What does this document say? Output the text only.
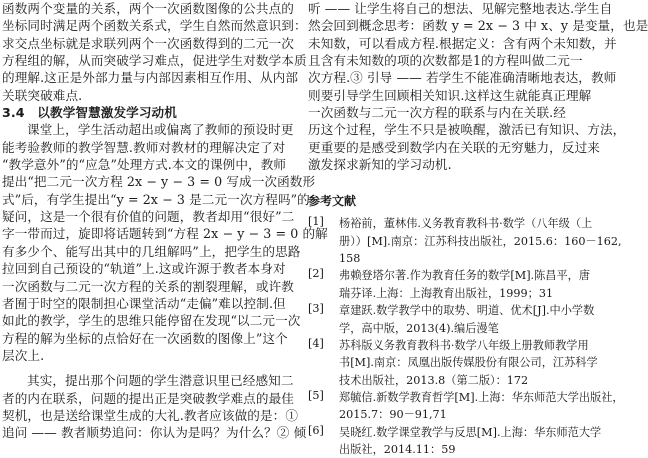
函数两个变量的关系，两个一次函数图像的公共点的
坐标同时满足两个函数关系式，学生自然而然意识到：
求交点坐标就是求联列两个一次函数得到的二元一次
方程组的解，从而突破学习难点，促进学生对数学本质
的理解.这正是外部力量与内部因素相互作用、从内部
关联突破难点.
3.4　以教学智慧激发学习动机
课堂上，学生活动超出或偏离了教师的预设时更
能考验教师的教学智慧.教师对教材的理解决定了对
“教学意外”的“应急”处理方式.本文的课例中，教师
提出“把二元一次方程 2x − y − 3 = 0 写成一次函数形
式”后，有学生提出“y = 2x − 3 是二元一次方程吗”的
疑问，这是一个很有价值的问题，教者却用“很好”二
字一带而过，旋即将话题转到“方程 2x − y − 3 = 0 的解
有多少个、能写出其中的几组解吗”上，把学生的思路
拉回到自己预设的“轨道”上.这或许源于教者本身对
一次函数与二元一次方程的关系的割裂理解，或许教
者囿于时空的限制担心课堂活动“走偏”难以控制.但
如此的教学，学生的思维只能停留在发现“以二元一次
方程的解为坐标的点恰好在一次函数的图像上”这个
层次上.
其实，提出那个问题的学生潜意识里已经感知二
者的内在联系，问题的提出正是突破教学难点的最佳
契机，也是送给课堂生成的大礼.教者应该做的是：①
追问 —— 教者顺势追问：你认为是吗？为什么？② 倾
听 —— 让学生将自己的想法、见解完整地表达.学生自
然会回到概念思考：函数 y = 2x − 3 中 x、y 是变量，也是
未知数，可以看成方程.根据定义：含有两个未知数，并
且含有未知数的项的次数都是1的方程叫做二元一
次方程.③ 引导 —— 若学生不能准确清晰地表达，教师
则要引导学生回顾相关知识.这样这生就能真正理解
一次函数与二元一次方程的联系与内在关联.经
历这个过程，学生不只是被唤醒，激活已有知识、方法，
更重要的是感受到数学内在关联的无穷魅力，反过来
激发探求新知的学习动机.
参考文献
[1]	杨裕前，董林伟.义务教育教科书·数学（八年级（上
册））[M].南京：江苏科技出版社，2015.6：160－162,
158
[2]	弗赖登塔尔著.作为教育任务的数学[M].陈昌平，唐
瑞芬译.上海：上海教育出版社，1999；31
[3]	章建跃.数学教学中的取势、明道、优术[J].中小学数
学，高中版，2013(4).编后漫笔
[4]	苏科版义务教育教科书·数学八年级上册教师教学用
书[M].南京：凤凰出版传媒股份有限公司，江苏科学
技术出版社，2013.8（第二版）：172
[5]	郑毓信.新数学教育哲学[M].上海：华东师范大学出版社，
2015.7：90－91,71
[6]	吴晓红.数学课堂教学与反思[M].上海：华东师范大学
出版社，2014.11：59
